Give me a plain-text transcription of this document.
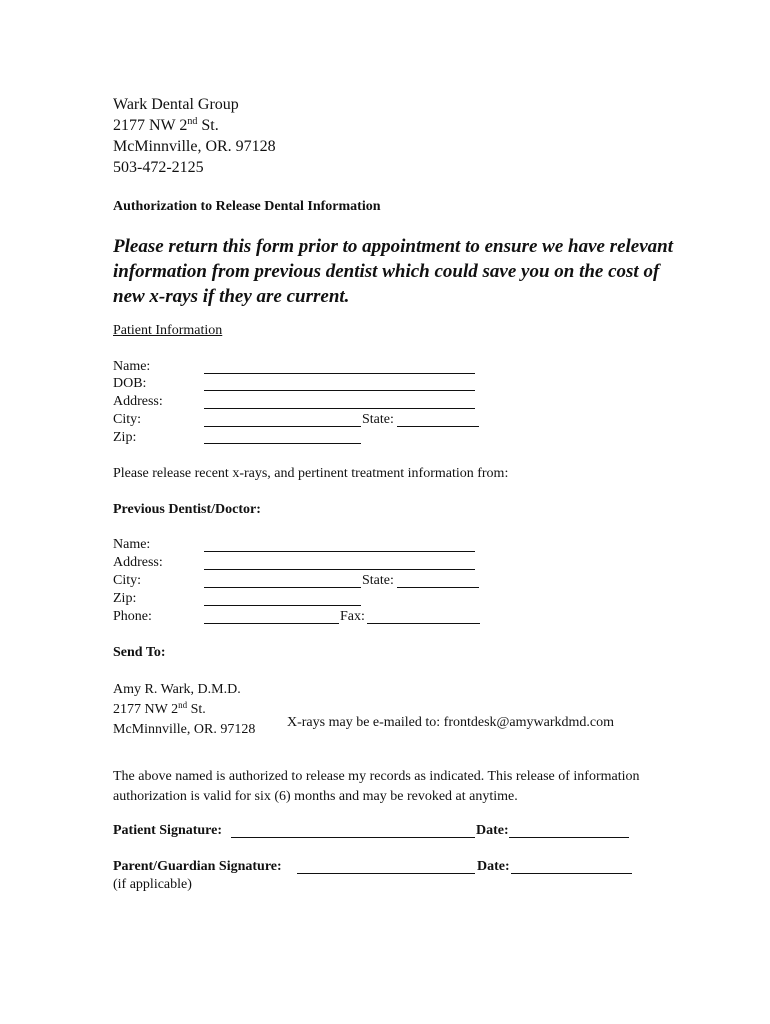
Wark Dental Group
2177 NW 2nd St.
McMinnville, OR. 97128
503-472-2125
Authorization to Release Dental Information
Please return this form prior to appointment to ensure we have relevant information from previous dentist which could save you on the cost of new x-rays if they are current.
Patient Information
Name:
DOB:
Address:
City:	State:
Zip:
Please release recent x-rays, and pertinent treatment information from:
Previous Dentist/Doctor:
Name:
Address:
City:	State:
Zip:
Phone:	Fax:
Send To:
Amy R. Wark, D.M.D.
2177 NW 2nd St.
McMinnville, OR. 97128 X-rays may be e-mailed to: frontdesk@amywarkdmd.com
The above named is authorized to release my records as indicated. This release of information authorization is valid for six (6) months and may be revoked at anytime.
Patient Signature:	Date:
Parent/Guardian Signature:	Date:
(if applicable)
